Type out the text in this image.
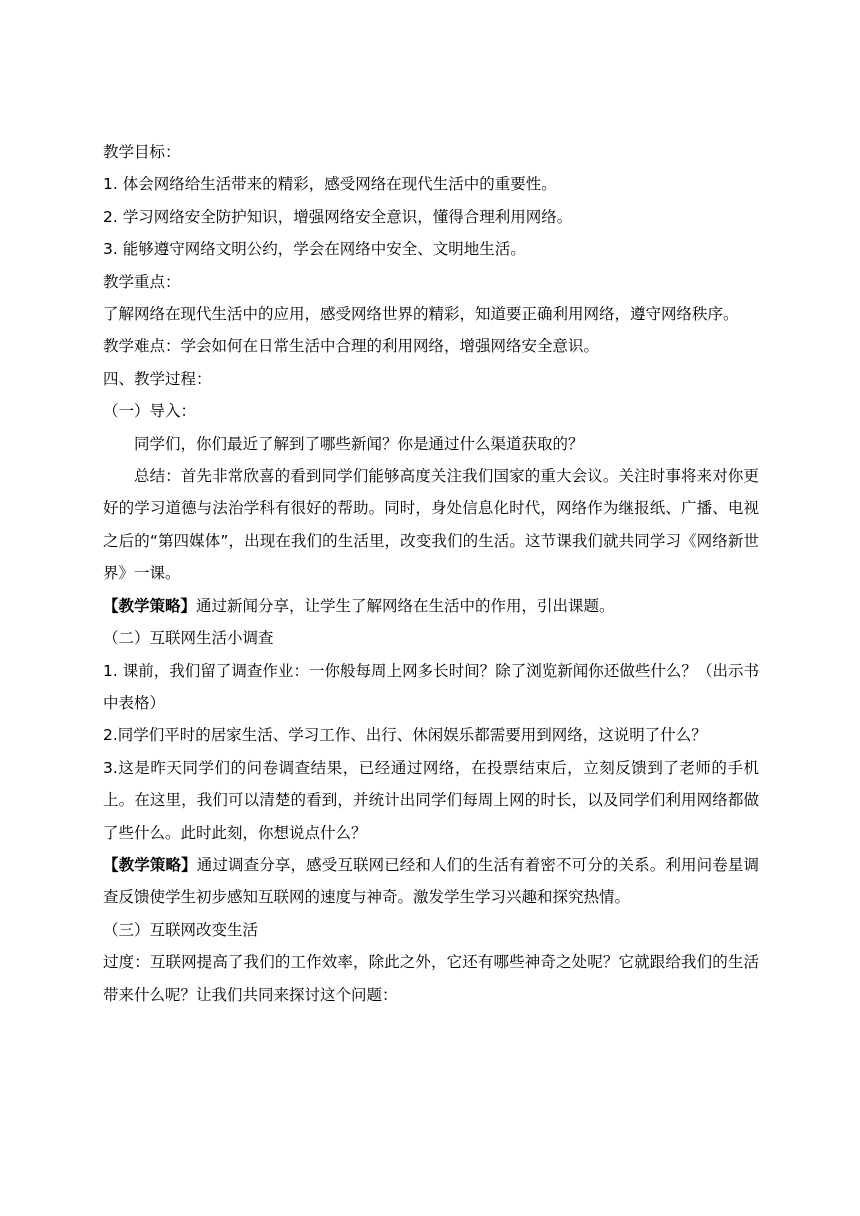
教学目标：

1. 体会网络给生活带来的精彩，感受网络在现代生活中的重要性。

2. 学习网络安全防护知识，增强网络安全意识，懂得合理利用网络。

3. 能够遵守网络文明公约，学会在网络中安全、文明地生活。

教学重点：

了解网络在现代生活中的应用，感受网络世界的精彩，知道要正确利用网络，遵守网络秩序。

教学难点：学会如何在日常生活中合理的利用网络，增强网络安全意识。

四、教学过程：

（一）导入：

同学们，你们最近了解到了哪些新闻？你是通过什么渠道获取的？

总结：首先非常欣喜的看到同学们能够高度关注我们国家的重大会议。关注时事将来对你更好的学习道德与法治学科有很好的帮助。同时，身处信息化时代，网络作为继报纸、广播、电视之后的“第四媒体”，出现在我们的生活里，改变我们的生活。这节课我们就共同学习《网络新世界》一课。

【教学策略】通过新闻分享，让学生了解网络在生活中的作用，引出课题。

（二）互联网生活小调查

1. 课前，我们留了调查作业：一你般每周上网多长时间？除了浏览新闻你还做些什么？（出示书中表格）

2.同学们平时的居家生活、学习工作、出行、休闲娱乐都需要用到网络，这说明了什么？

3.这是昨天同学们的问卷调查结果，已经通过网络，在投票结束后，立刻反馈到了老师的手机上。在这里，我们可以清楚的看到，并统计出同学们每周上网的时长，以及同学们利用网络都做了些什么。此时此刻，你想说点什么？

【教学策略】通过调查分享，感受互联网已经和人们的生活有着密不可分的关系。利用问卷星调查反馈使学生初步感知互联网的速度与神奇。激发学生学习兴趣和探究热情。

（三）互联网改变生活

过度：互联网提高了我们的工作效率，除此之外，它还有哪些神奇之处呢？它就跟给我们的生活带来什么呢？让我们共同来探讨这个问题：
